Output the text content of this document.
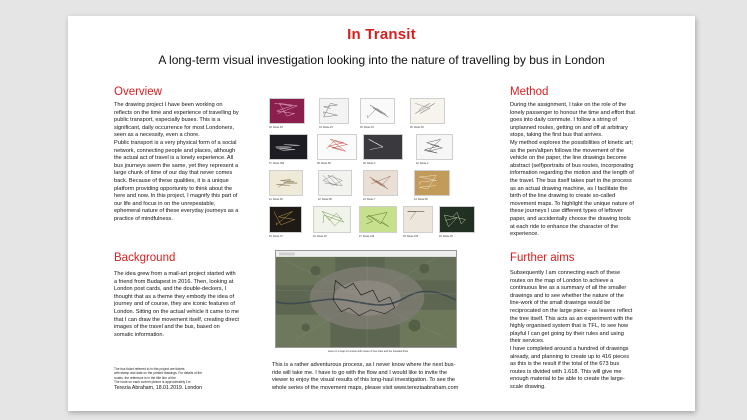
In Transit
A long-term visual investigation looking into the nature of travelling by bus in London
Overview
The drawing project I have been working on
reflects on the time and experience of travelling by
public transport, especially buses. This is a
significant, daily occurrence for most Londoners,
seen as a necessity, even a chore.
Public transport is a very physical form of a social
network, connecting people and places, although
the actual act of travel is a lonely experience. All
bus journeys seem the same, yet they represent a
large chunk of time of our day that never comes
back. Because of these qualities, it is a unique
platform providing opportunity to think about the
here and now. In this project, I magnify this part of
our life and focus in on the unrepeatable,
ephemeral nature of these everyday journeys as a
practice of mindfulness.
Background
The idea grew from a mail-art project started with
a friend from Budapest in 2016. Then, looking at
London post cards, and the double-deckers, I
thought that as a theme they embody the idea of
journey and of course, they are iconic features of
London. Sitting on the actual vehicle it came to me
that I can draw the movement itself, creating direct
images of the travel and the bus, based on
somatic information.
The bus ticket referred to in this project are tickets
with stamp and date on the printed drawings. For details of the
routes, the reference is in the title line of the
The route on each current picture is approximately 1m
Terezia Abraham, 18.01.2019. London
Method
During the assignment, I take on the role of the
lonely passenger to honour the time and effort that
goes into daily commute. I follow a string of
unplanned routes, getting on and off at arbitrary
stops, taking the first bus that arrives.
My method explores the possibilities of kinetic art;
as the pen/altpen follows the movement of the
vehicle on the paper, the line drawings become
abstract (self)portraits of bus routes, incorporating
information regarding the motion and the length of
the travel. The bus itself takes part in the process
as an actual drawing machine, as I facilitate the
birth of the line drawing to create so-called
movement maps. To highlight the unique nature of
these journeys I use different types of leftover
paper, and accidentally choose the drawing tools
at each ride to enhance the character of the
experience.
Further aims
Subsequently I am connecting each of these
routes on the map of London to achieve a
continuous line as a summary of all the smaller
drawings and to see whether the nature of the
line-work of the small drawings would be
reciprocated on the large piece - as leaves reflect
the tree itself. This acts as an experiment with the
highly organised system that is TFL, to see how
playful I can get going by their rules and using
their services.
I have completed around a hundred of drawings
already, and planning to create up to 416 pieces
as this is the result if the total of the 673 bus
routes is divided with 1.618. This will give me
enough material to be able to create the large-
scale drawing.
33. Route 83	34. Route 23	35. Route 33	36. Route 36
37. Route 390	38. Route 59	39. Route 3	40. Route 3
41. Route 82	42. Route 98	43. Route 7	44. Route 82
45. Route 37	46. Route 18	47. Route 149	48. Route 193	49. Route 25
Lines on a map of London with routes of bus rides and the travelled lines
This is a rather adventurous process, as I never know where the next bus-
ride will take me. I have to go with the flow and I would like to invite the
viewer to enjoy the visual results of this long-haul investigation. To see the
whole series of the movement maps, please visit www.tereziaabraham.com
